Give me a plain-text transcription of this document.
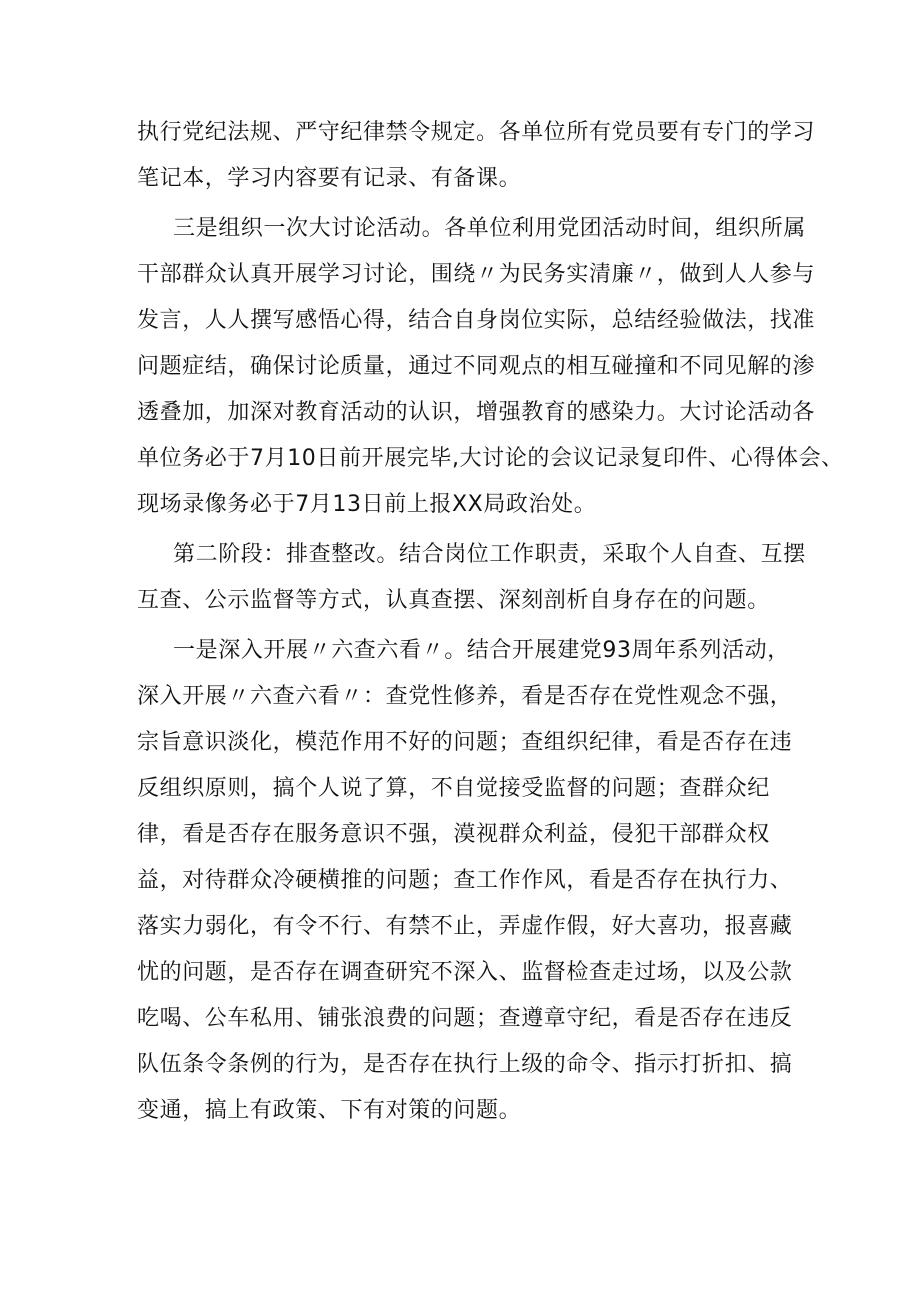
执行党纪法规、严守纪律禁令规定。各单位所有党员要有专门的学习
笔记本，学习内容要有记录、有备课。
三是组织一次大讨论活动。各单位利用党团活动时间，组织所属
干部群众认真开展学习讨论，围绕〃为民务实清廉〃，做到人人参与
发言，人人撰写感悟心得，结合自身岗位实际，总结经验做法，找准
问题症结，确保讨论质量，通过不同观点的相互碰撞和不同见解的渗
透叠加，加深对教育活动的认识，增强教育的感染力。大讨论活动各
单位务必于7月10日前开展完毕,大讨论的会议记录复印件、心得体会、
现场录像务必于7月13日前上报XX局政治处。
第二阶段：排查整改。结合岗位工作职责，采取个人自查、互摆
互查、公示监督等方式，认真查摆、深刻剖析自身存在的问题。
一是深入开展〃六查六看〃。结合开展建党93周年系列活动，
深入开展〃六查六看〃：查党性修养，看是否存在党性观念不强，
宗旨意识淡化，模范作用不好的问题；查组织纪律，看是否存在违
反组织原则，搞个人说了算，不自觉接受监督的问题；查群众纪
律，看是否存在服务意识不强，漠视群众利益，侵犯干部群众权
益，对待群众冷硬横推的问题；查工作作风，看是否存在执行力、
落实力弱化，有令不行、有禁不止，弄虚作假，好大喜功，报喜藏
忧的问题，是否存在调查研究不深入、监督检查走过场，以及公款
吃喝、公车私用、铺张浪费的问题；查遵章守纪，看是否存在违反
队伍条令条例的行为，是否存在执行上级的命令、指示打折扣、搞
变通，搞上有政策、下有对策的问题。
